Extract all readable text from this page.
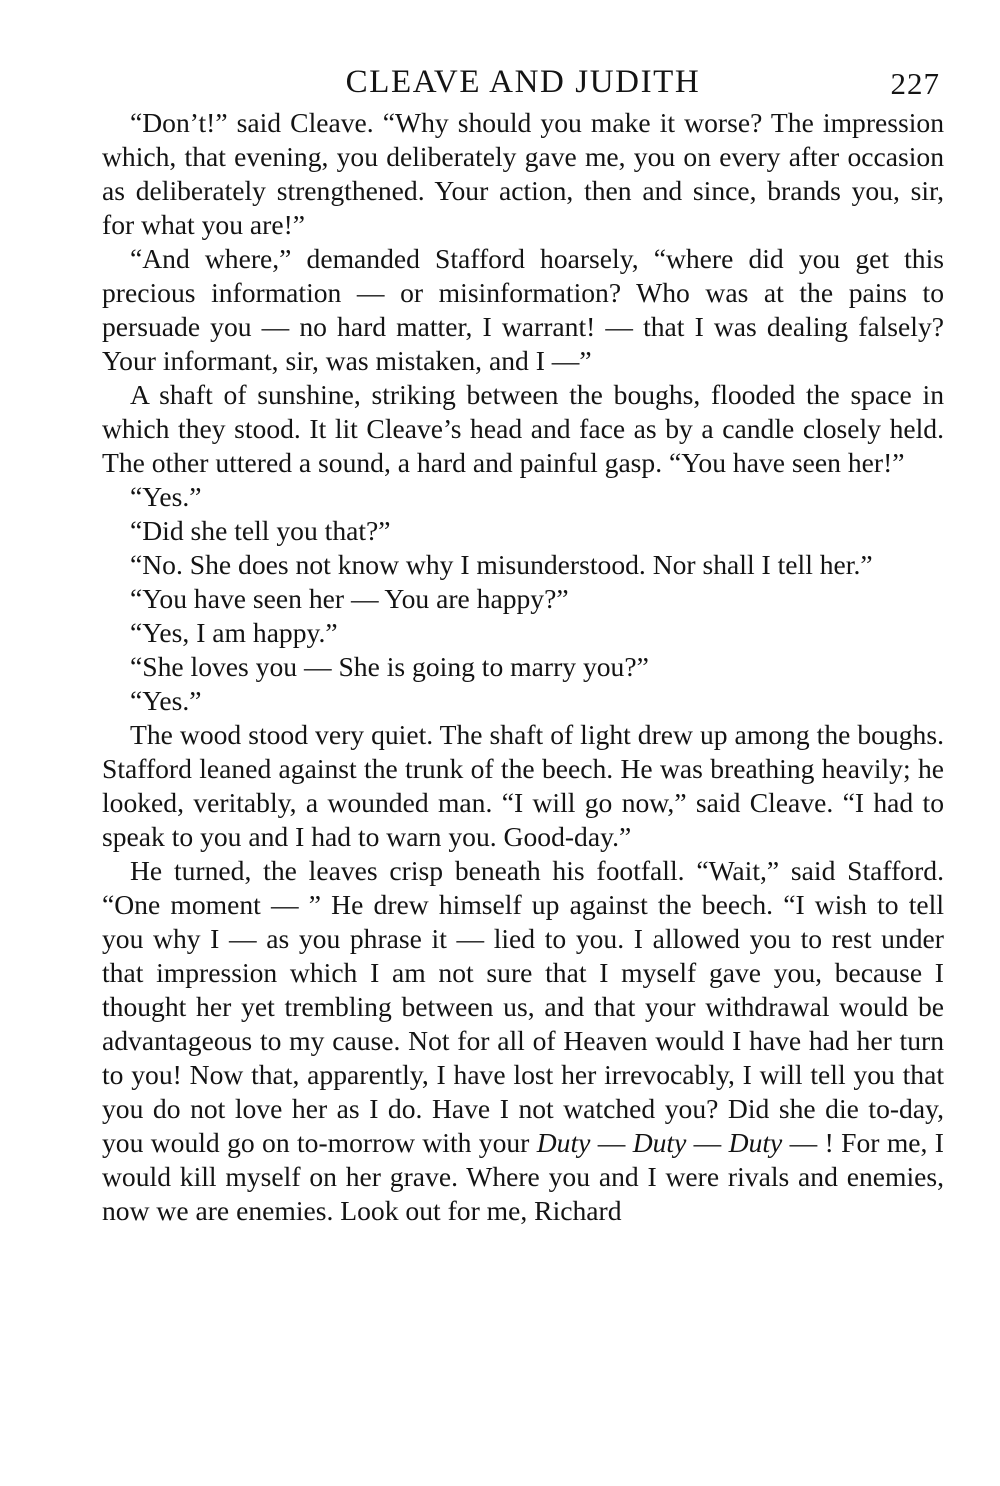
CLEAVE AND JUDITH	227

“Don’t!” said Cleave. “Why should you make it worse? The impression which, that evening, you deliberately gave me, you on every after occasion as deliberately strengthened. Your action, then and since, brands you, sir, for what you are!”

“And where,” demanded Stafford hoarsely, “where did you get this precious information — or misinformation? Who was at the pains to persuade you — no hard matter, I warrant! — that I was dealing falsely? Your informant, sir, was mistaken, and I —”

A shaft of sunshine, striking between the boughs, flooded the space in which they stood. It lit Cleave’s head and face as by a candle closely held. The other uttered a sound, a hard and painful gasp. “You have seen her!”

“Yes.”

“Did she tell you that?”

“No. She does not know why I misunderstood. Nor shall I tell her.”

“You have seen her — You are happy?”

“Yes, I am happy.”

“She loves you — She is going to marry you?”

“Yes.”

The wood stood very quiet. The shaft of light drew up among the boughs. Stafford leaned against the trunk of the beech. He was breathing heavily; he looked, veritably, a wounded man. “I will go now,” said Cleave. “I had to speak to you and I had to warn you. Good-day.”

He turned, the leaves crisp beneath his footfall. “Wait,” said Stafford. “One moment — ” He drew himself up against the beech. “I wish to tell you why I — as you phrase it — lied to you. I allowed you to rest under that impression which I am not sure that I myself gave you, because I thought her yet trembling between us, and that your withdrawal would be advantageous to my cause. Not for all of Heaven would I have had her turn to you! Now that, apparently, I have lost her irrevocably, I will tell you that you do not love her as I do. Have I not watched you? Did she die to-day, you would go on to-morrow with your Duty — Duty — Duty — ! For me, I would kill myself on her grave. Where you and I were rivals and enemies, now we are enemies. Look out for me, Richard
